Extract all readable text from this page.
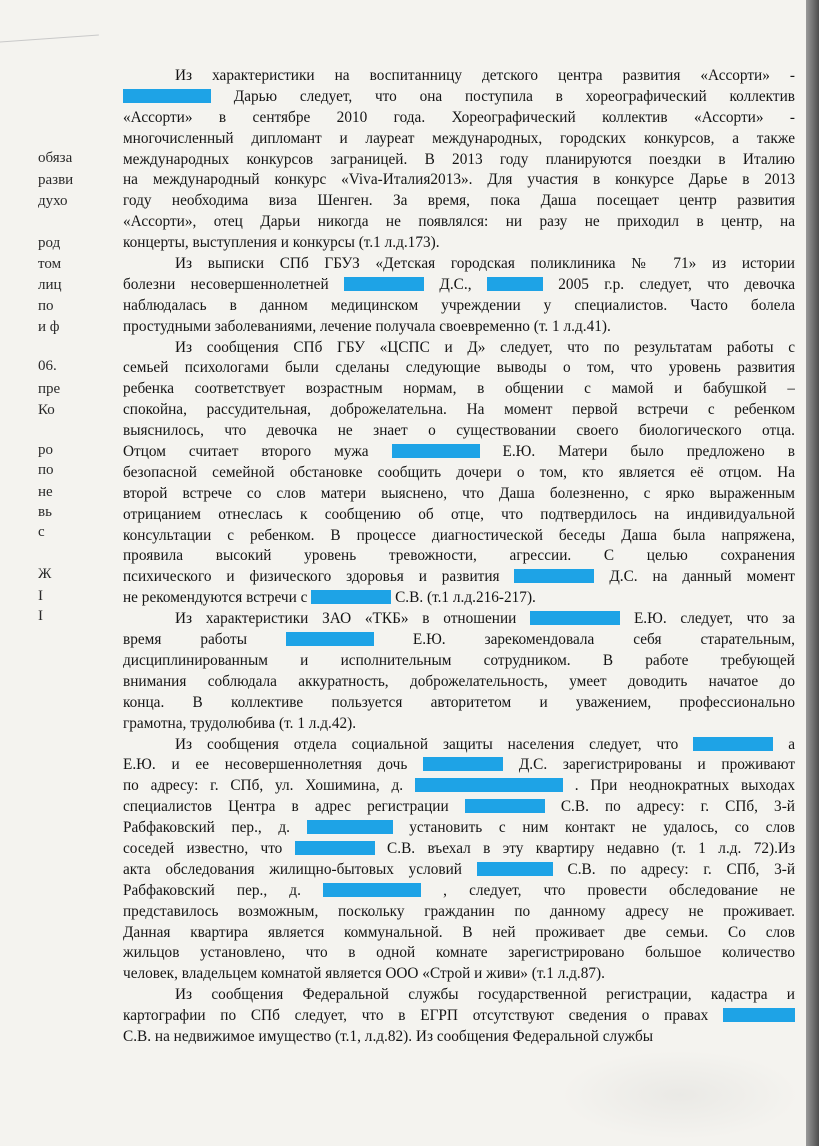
обяза
разви
духо
род
том
лиц
по
и ф
06.
пре
Ко
ро
по
не
вь
с
Ж
I
I
Из характеристики на воспитанницу детского центра развития «Ассорти» -
Дарью следует, что она поступила в хореографический коллектив
«Ассорти» в сентябре 2010 года. Хореографический коллектив «Ассорти» -
многочисленный дипломант и лауреат международных, городских конкурсов, а также
международных конкурсов заграницей. В 2013 году планируются поездки в Италию
на международный конкурс «Viva-Италия2013». Для участия в конкурсе Дарье в 2013
году необходима виза Шенген. За время, пока Даша посещает центр развития
«Ассорти», отец Дарьи никогда не появлялся: ни разу не приходил в центр, на
концерты, выступления и конкурсы (т.1 л.д.173).
Из выписки СПб ГБУЗ «Детская городская поликлиника № 71» из истории
болезни несовершеннолетней	Д.С.,	2005 г.р. следует, что девочка
наблюдалась в данном медицинском учреждении у специалистов. Часто болела
простудными заболеваниями, лечение получала своевременно (т. 1 л.д.41).
Из сообщения СПб ГБУ «ЦСПС и Д» следует, что по результатам работы с
семьей психологами были сделаны следующие выводы о том, что уровень развития
ребенка соответствует возрастным нормам, в общении с мамой и бабушкой –
спокойна, рассудительная, доброжелательна. На момент первой встречи с ребенком
выяснилось, что девочка не знает о существовании своего биологического отца.
Отцом считает второго мужа	Е.Ю. Матери было предложено в
безопасной семейной обстановке сообщить дочери о том, кто является её отцом. На
второй встрече со слов матери выяснено, что Даша болезненно, с ярко выраженным
отрицанием отнеслась к сообщению об отце, что подтвердилось на индивидуальной
консультации с ребенком. В процессе диагностической беседы Даша была напряжена,
проявила высокий уровень тревожности, агрессии. С целью сохранения
психического и физического здоровья и развития	Д.С. на данный момент
не рекомендуются встречи с	С.В. (т.1 л.д.216-217).
Из характеристики ЗАО «ТКБ» в отношении	Е.Ю. следует, что за
время работы	Е.Ю. зарекомендовала себя старательным,
дисциплинированным и исполнительным сотрудником. В работе требующей
внимания соблюдала аккуратность, доброжелательность, умеет доводить начатое до
конца. В коллективе пользуется авторитетом и уважением, профессионально
грамотна, трудолюбива (т. 1 л.д.42).
Из сообщения отдела социальной защиты населения следует, что	а
Е.Ю. и ее несовершеннолетняя дочь	Д.С. зарегистрированы и проживают
по адресу: г. СПб, ул. Хошимина, д.	. При неоднократных выходах
специалистов Центра в адрес регистрации	С.В. по адресу: г. СПб, 3-й
Рабфаковский пер., д.	установить с ним контакт не удалось, со слов
соседей известно, что	С.В. въехал в эту квартиру недавно (т. 1 л.д. 72).Из
акта обследования жилищно-бытовых условий	С.В. по адресу: г. СПб, 3-й
Рабфаковский пер., д.	, следует, что провести обследование не
представилось возможным, поскольку гражданин по данному адресу не проживает.
Данная квартира является коммунальной. В ней проживает две семьи. Со слов
жильцов установлено, что в одной комнате зарегистрировано большое количество
человек, владельцем комнатой является ООО «Строй и живи» (т.1 л.д.87).
Из сообщения Федеральной службы государственной регистрации, кадастра и
картографии по СПб следует, что в ЕГРП отсутствуют сведения о правах
С.В. на недвижимое имущество (т.1, л.д.82). Из сообщения Федеральной службы
